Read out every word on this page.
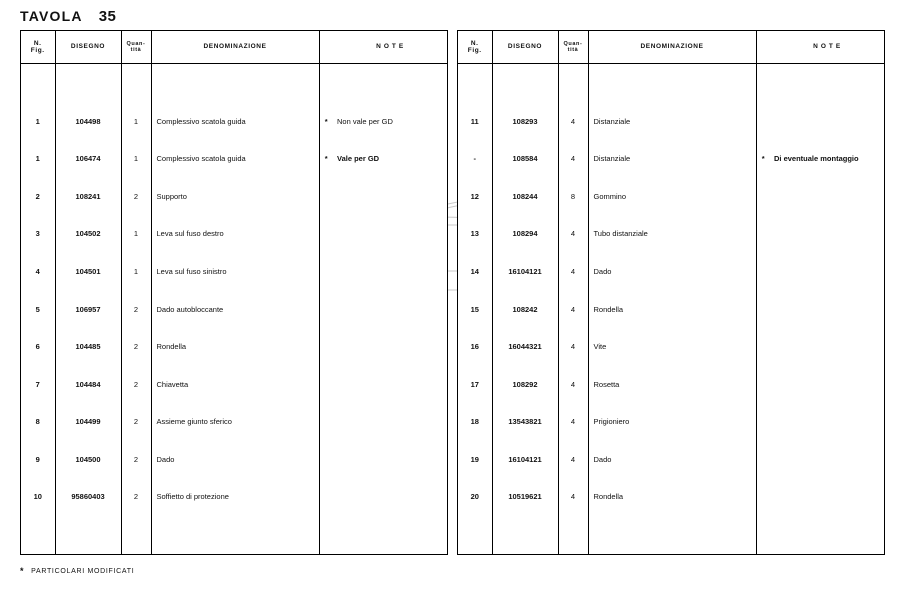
TAVOLA 35
N.
Fig.	DISEGNO	Quan-
tità	DENOMINAZIONE		N O T E

1	104498	1	Complessivo scatola guida	*	Non vale per GD
1	106474	1	Complessivo scatola guida	*	Vale per GD
2	108241	2	Supporto		
3	104502	1	Leva sul fuso destro		
4	104501	1	Leva sul fuso sinistro		
5	106957	2	Dado autobloccante		
6	104485	2	Rondella		
7	104484	2	Chiavetta		
8	104499	2	Assieme giunto sferico		
9	104500	2	Dado		
10	95860403	2	Soffietto di protezione		

N.
Fig.	DISEGNO	Quan-
tità	DENOMINAZIONE		N O T E

11	108293	4	Distanziale		
-	108584	4	Distanziale	*	Di eventuale montaggio
12	108244	8	Gommino		
13	108294	4	Tubo distanziale		
14	16104121	4	Dado		
15	108242	4	Rondella		
16	16044321	4	Vite		
17	108292	4	Rosetta		
18	13543821	4	Prigioniero		
19	16104121	4	Dado		
20	10519621	4	Rondella		

* PARTICOLARI MODIFICATI
